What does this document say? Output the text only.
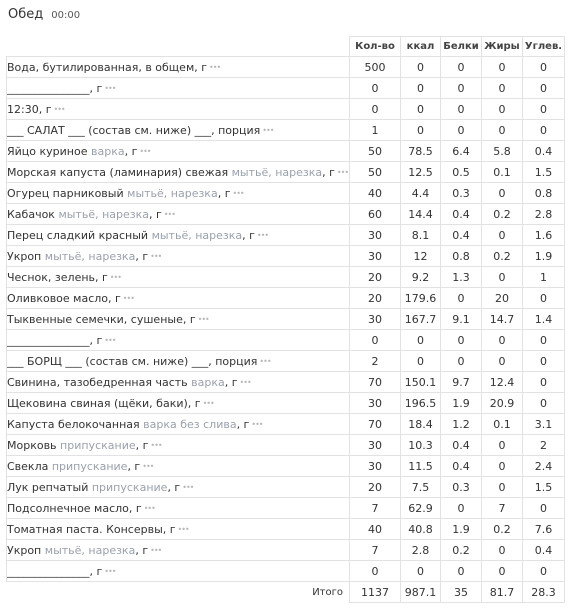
Обед 00:00
	Кол-во	ккал	Белки	Жиры	Углев.
Вода, бутилированная, в общем, г •••	500	0	0	0	0
_______________, г •••	0	0	0	0	0
12:30, г •••	0	0	0	0	0
___ САЛАТ ___ (состав см. ниже) ___, порция •••	1	0	0	0	0
Яйцо куриное варка, г •••	50	78.5	6.4	5.8	0.4
Морская капуста (ламинария) свежая мытьё, нарезка, г •••	50	12.5	0.5	0.1	1.5
Огурец парниковый мытьё, нарезка, г •••	40	4.4	0.3	0	0.8
Кабачок мытьё, нарезка, г •••	60	14.4	0.4	0.2	2.8
Перец сладкий красный мытьё, нарезка, г •••	30	8.1	0.4	0	1.6
Укроп мытьё, нарезка, г •••	30	12	0.8	0.2	1.9
Чеснок, зелень, г •••	20	9.2	1.3	0	1
Оливковое масло, г •••	20	179.6	0	20	0
Тыквенные семечки, сушеные, г •••	30	167.7	9.1	14.7	1.4
_______________, г •••	0	0	0	0	0
___ БОРЩ ___ (состав см. ниже) ___, порция •••	2	0	0	0	0
Свинина, тазобедренная часть варка, г •••	70	150.1	9.7	12.4	0
Щековина свиная (щёки, баки), г •••	30	196.5	1.9	20.9	0
Капуста белокочанная варка без слива, г •••	70	18.4	1.2	0.1	3.1
Морковь припускание, г •••	30	10.3	0.4	0	2
Свекла припускание, г •••	30	11.5	0.4	0	2.4
Лук репчатый припускание, г •••	20	7.5	0.3	0	1.5
Подсолнечное масло, г •••	7	62.9	0	7	0
Томатная паста. Консервы, г •••	40	40.8	1.9	0.2	7.6
Укроп мытьё, нарезка, г •••	7	2.8	0.2	0	0.4
_______________, г •••	0	0	0	0	0
Итого	1137	987.1	35	81.7	28.3
